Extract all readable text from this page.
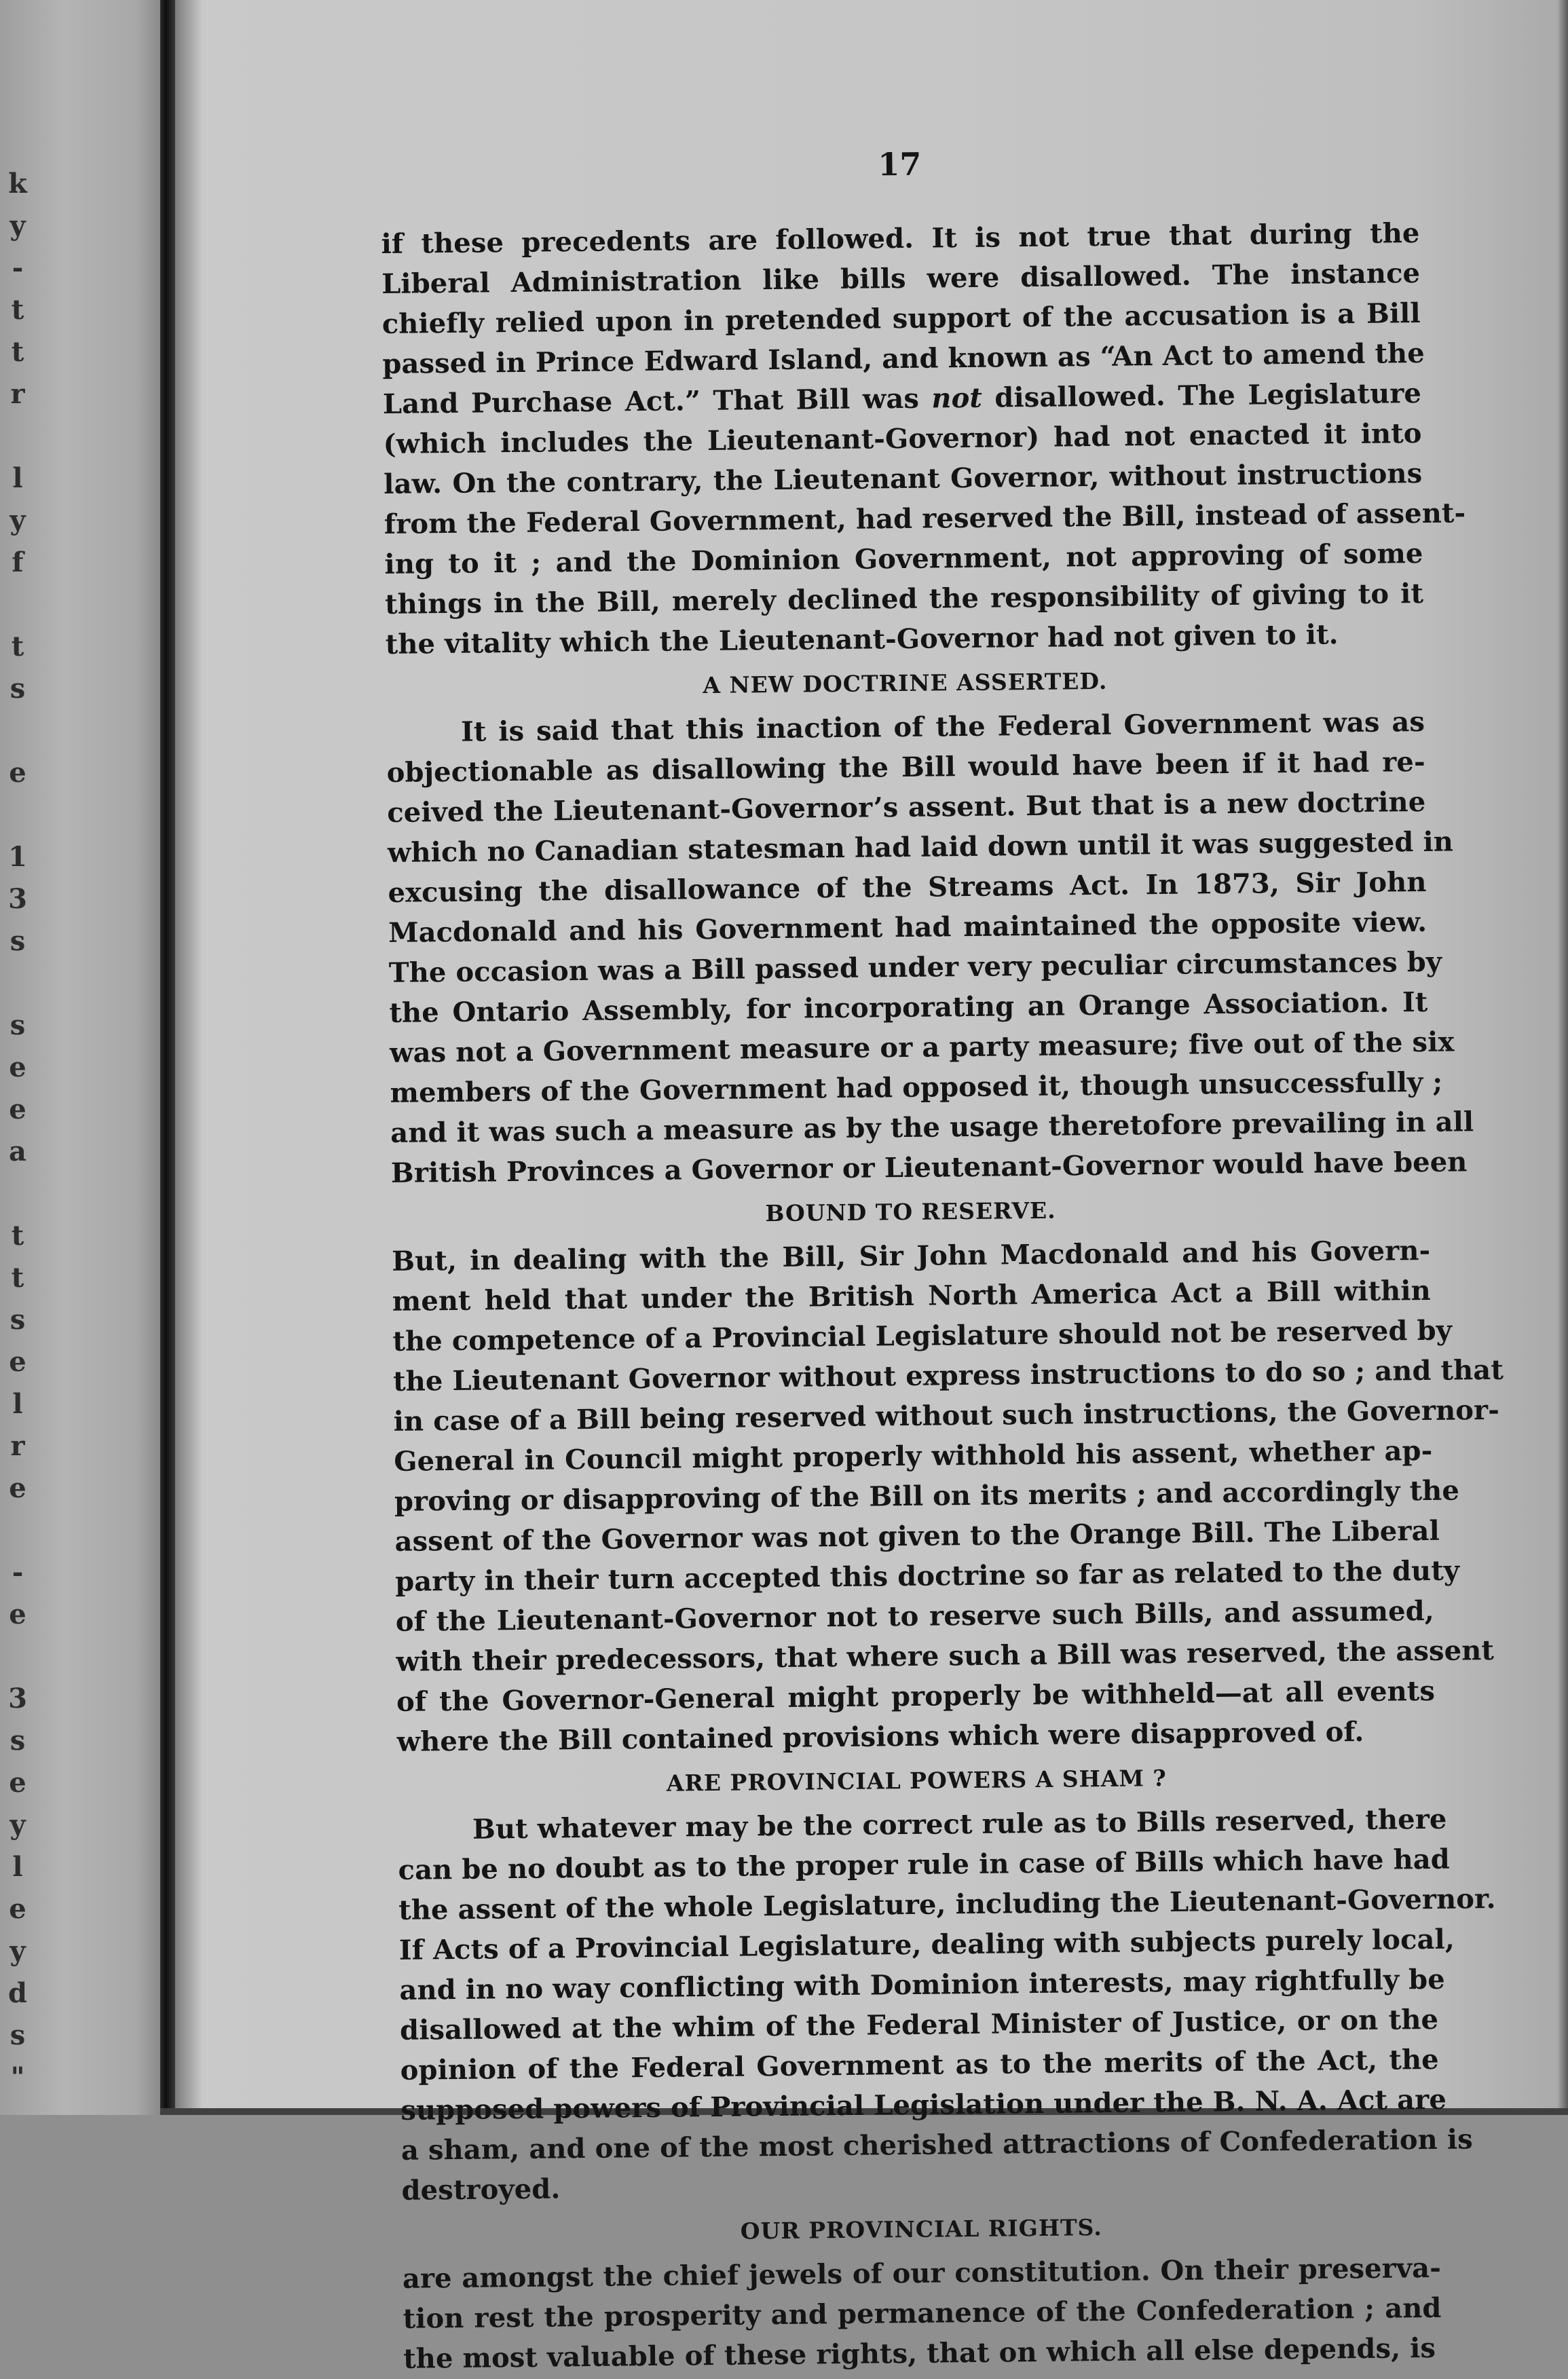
k
y
-
t
t
r
l
y
f
t
s
e
1
3
s
s
e
e
a
t
t
s
e
l
r
e
-
e
3
s
e
y
l
e
y
d
s
"
17

if these precedents are followed. It is not true that during the
Liberal Administration like bills were disallowed. The instance
chiefly relied upon in pretended support of the accusation is a Bill
passed in Prince Edward Island, and known as “An Act to amend the
Land Purchase Act.” That Bill was not disallowed. The Legislature
(which includes the Lieutenant-Governor) had not enacted it into
law. On the contrary, the Lieutenant Governor, without instructions
from the Federal Government, had reserved the Bill, instead of assent-
ing to it ; and the Dominion Government, not approving of some
things in the Bill, merely declined the responsibility of giving to it
the vitality which the Lieutenant-Governor had not given to it.

A NEW DOCTRINE ASSERTED.

It is said that this inaction of the Federal Government was as
objectionable as disallowing the Bill would have been if it had re-
ceived the Lieutenant-Governor’s assent. But that is a new doctrine
which no Canadian statesman had laid down until it was suggested in
excusing the disallowance of the Streams Act. In 1873, Sir John
Macdonald and his Government had maintained the opposite view.
The occasion was a Bill passed under very peculiar circumstances by
the Ontario Assembly, for incorporating an Orange Association. It
was not a Government measure or a party measure; five out of the six
members of the Government had opposed it, though unsuccessfully ;
and it was such a measure as by the usage theretofore prevailing in all
British Provinces a Governor or Lieutenant-Governor would have been

BOUND TO RESERVE.

But, in dealing with the Bill, Sir John Macdonald and his Govern-
ment held that under the British North America Act a Bill within
the competence of a Provincial Legislature should not be reserved by
the Lieutenant Governor without express instructions to do so ; and that
in case of a Bill being reserved without such instructions, the Governor-
General in Council might properly withhold his assent, whether ap-
proving or disapproving of the Bill on its merits ; and accordingly the
assent of the Governor was not given to the Orange Bill. The Liberal
party in their turn accepted this doctrine so far as related to the duty
of the Lieutenant-Governor not to reserve such Bills, and assumed,
with their predecessors, that where such a Bill was reserved, the assent
of the Governor-General might properly be withheld—at all events
where the Bill contained provisions which were disapproved of.

ARE PROVINCIAL POWERS A SHAM ?

But whatever may be the correct rule as to Bills reserved, there
can be no doubt as to the proper rule in case of Bills which have had
the assent of the whole Legislature, including the Lieutenant-Governor.
If Acts of a Provincial Legislature, dealing with subjects purely local,
and in no way conflicting with Dominion interests, may rightfully be
disallowed at the whim of the Federal Minister of Justice, or on the
opinion of the Federal Government as to the merits of the Act, the
supposed powers of Provincial Legislation under the B. N. A. Act are
a sham, and one of the most cherished attractions of Confederation is
destroyed.

OUR PROVINCIAL RIGHTS.

are amongst the chief jewels of our constitution. On their preserva-
tion rest the prosperity and permanence of the Confederation ; and
the most valuable of these rights, that on which all else depends, is
